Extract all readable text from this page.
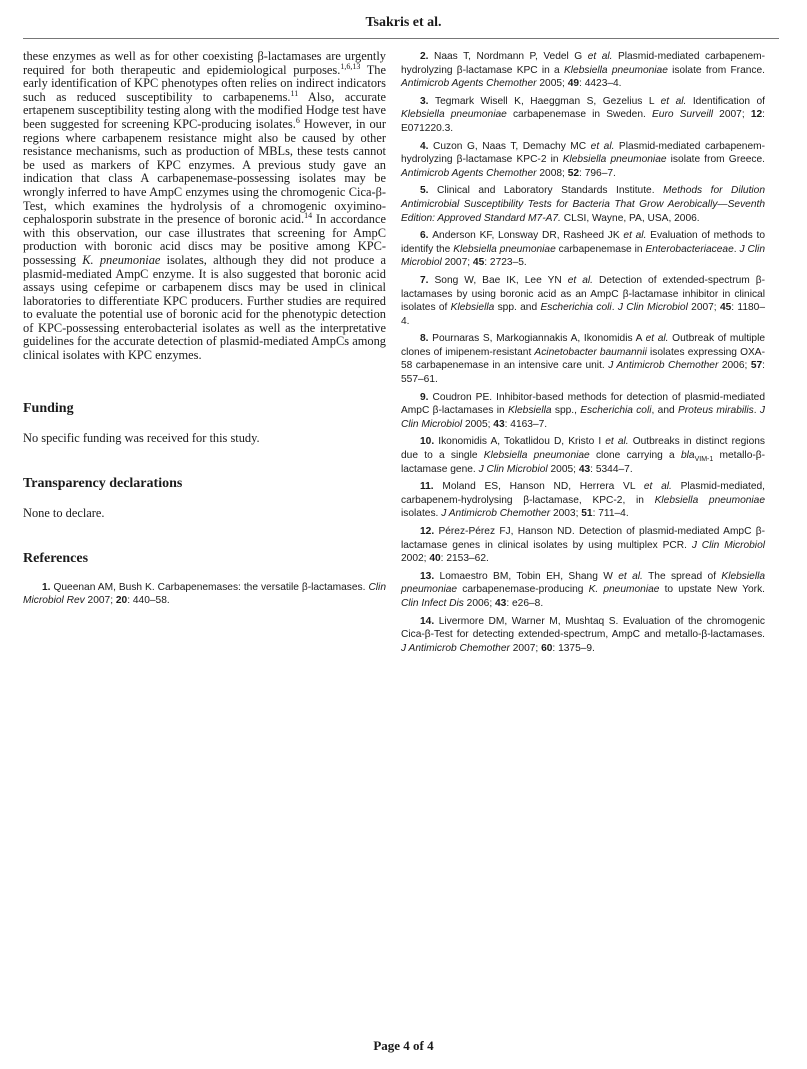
Tsakris et al.

these enzymes as well as for other coexisting β-lactamases are urgently required for both therapeutic and epidemiological purposes.$^{1,6,13}$ The early identification of KPC phenotypes often relies on indirect indicators such as reduced susceptibility to carbapenems.$^{11}$ Also, accurate ertapenem susceptibility testing along with the modified Hodge test have been suggested for screening KPC-producing isolates.$^6$ However, in our regions where carbapenem resistance might also be caused by other resistance mechanisms, such as production of MBLs, these tests cannot be used as markers of KPC enzymes. A previous study gave an indication that class A carbapenemase-possessing isolates may be wrongly inferred to have AmpC enzymes using the chromogenic Cica-β-Test, which examines the hydrolysis of a chromogenic oxyimino-cephalosporin substrate in the presence of boronic acid.$^{14}$ In accordance with this observation, our case illustrates that screening for AmpC production with boronic acid discs may be positive among KPC-possessing K. pneumoniae isolates, although they did not produce a plasmid-mediated AmpC enzyme. It is also suggested that boronic acid assays using cefepime or carbapenem discs may be used in clinical laboratories to differentiate KPC producers. Further studies are required to evaluate the potential use of boronic acid for the phenotypic detection of KPC-possessing enterobacterial isolates as well as the interpretative guidelines for the accurate detection of plasmid-mediated AmpCs among clinical isolates with KPC enzymes.

Funding

No specific funding was received for this study.

Transparency declarations

None to declare.

References
1. Queenan AM, Bush K. Carbapenemases: the versatile β-lactamases. Clin Microbiol Rev 2007; 20: 440–58.
2. Naas T, Nordmann P, Vedel G et al. Plasmid-mediated carbapenem-hydrolyzing β-lactamase KPC in a Klebsiella pneumoniae isolate from France. Antimicrob Agents Chemother 2005; 49: 4423–4.
3. Tegmark Wisell K, Haeggman S, Gezelius L et al. Identification of Klebsiella pneumoniae carbapenemase in Sweden. Euro Surveill 2007; 12: E071220.3.
4. Cuzon G, Naas T, Demachy MC et al. Plasmid-mediated carbapenem-hydrolyzing β-lactamase KPC-2 in Klebsiella pneumoniae isolate from Greece. Antimicrob Agents Chemother 2008; 52: 796–7.
5. Clinical and Laboratory Standards Institute. Methods for Dilution Antimicrobial Susceptibility Tests for Bacteria That Grow Aerobically—Seventh Edition: Approved Standard M7-A7. CLSI, Wayne, PA, USA, 2006.
6. Anderson KF, Lonsway DR, Rasheed JK et al. Evaluation of methods to identify the Klebsiella pneumoniae carbapenemase in Enterobacteriaceae. J Clin Microbiol 2007; 45: 2723–5.
7. Song W, Bae IK, Lee YN et al. Detection of extended-spectrum β-lactamases by using boronic acid as an AmpC β-lactamase inhibitor in clinical isolates of Klebsiella spp. and Escherichia coli. J Clin Microbiol 2007; 45: 1180–4.
8. Pournaras S, Markogiannakis A, Ikonomidis A et al. Outbreak of multiple clones of imipenem-resistant Acinetobacter baumannii isolates expressing OXA-58 carbapenemase in an intensive care unit. J Antimicrob Chemother 2006; 57: 557–61.
9. Coudron PE. Inhibitor-based methods for detection of plasmid-mediated AmpC β-lactamases in Klebsiella spp., Escherichia coli, and Proteus mirabilis. J Clin Microbiol 2005; 43: 4163–7.
10. Ikonomidis A, Tokatlidou D, Kristo I et al. Outbreaks in distinct regions due to a single Klebsiella pneumoniae clone carrying a bla$_{VIM-1}$ metallo-β-lactamase gene. J Clin Microbiol 2005; 43: 5344–7.
11. Moland ES, Hanson ND, Herrera VL et al. Plasmid-mediated, carbapenem-hydrolysing β-lactamase, KPC-2, in Klebsiella pneumoniae isolates. J Antimicrob Chemother 2003; 51: 711–4.
12. Pérez-Pérez FJ, Hanson ND. Detection of plasmid-mediated AmpC β-lactamase genes in clinical isolates by using multiplex PCR. J Clin Microbiol 2002; 40: 2153–62.
13. Lomaestro BM, Tobin EH, Shang W et al. The spread of Klebsiella pneumoniae carbapenemase-producing K. pneumoniae to upstate New York. Clin Infect Dis 2006; 43: e26–8.
14. Livermore DM, Warner M, Mushtaq S. Evaluation of the chromogenic Cica-β-Test for detecting extended-spectrum, AmpC and metallo-β-lactamases. J Antimicrob Chemother 2007; 60: 1375–9.
Page 4 of 4
